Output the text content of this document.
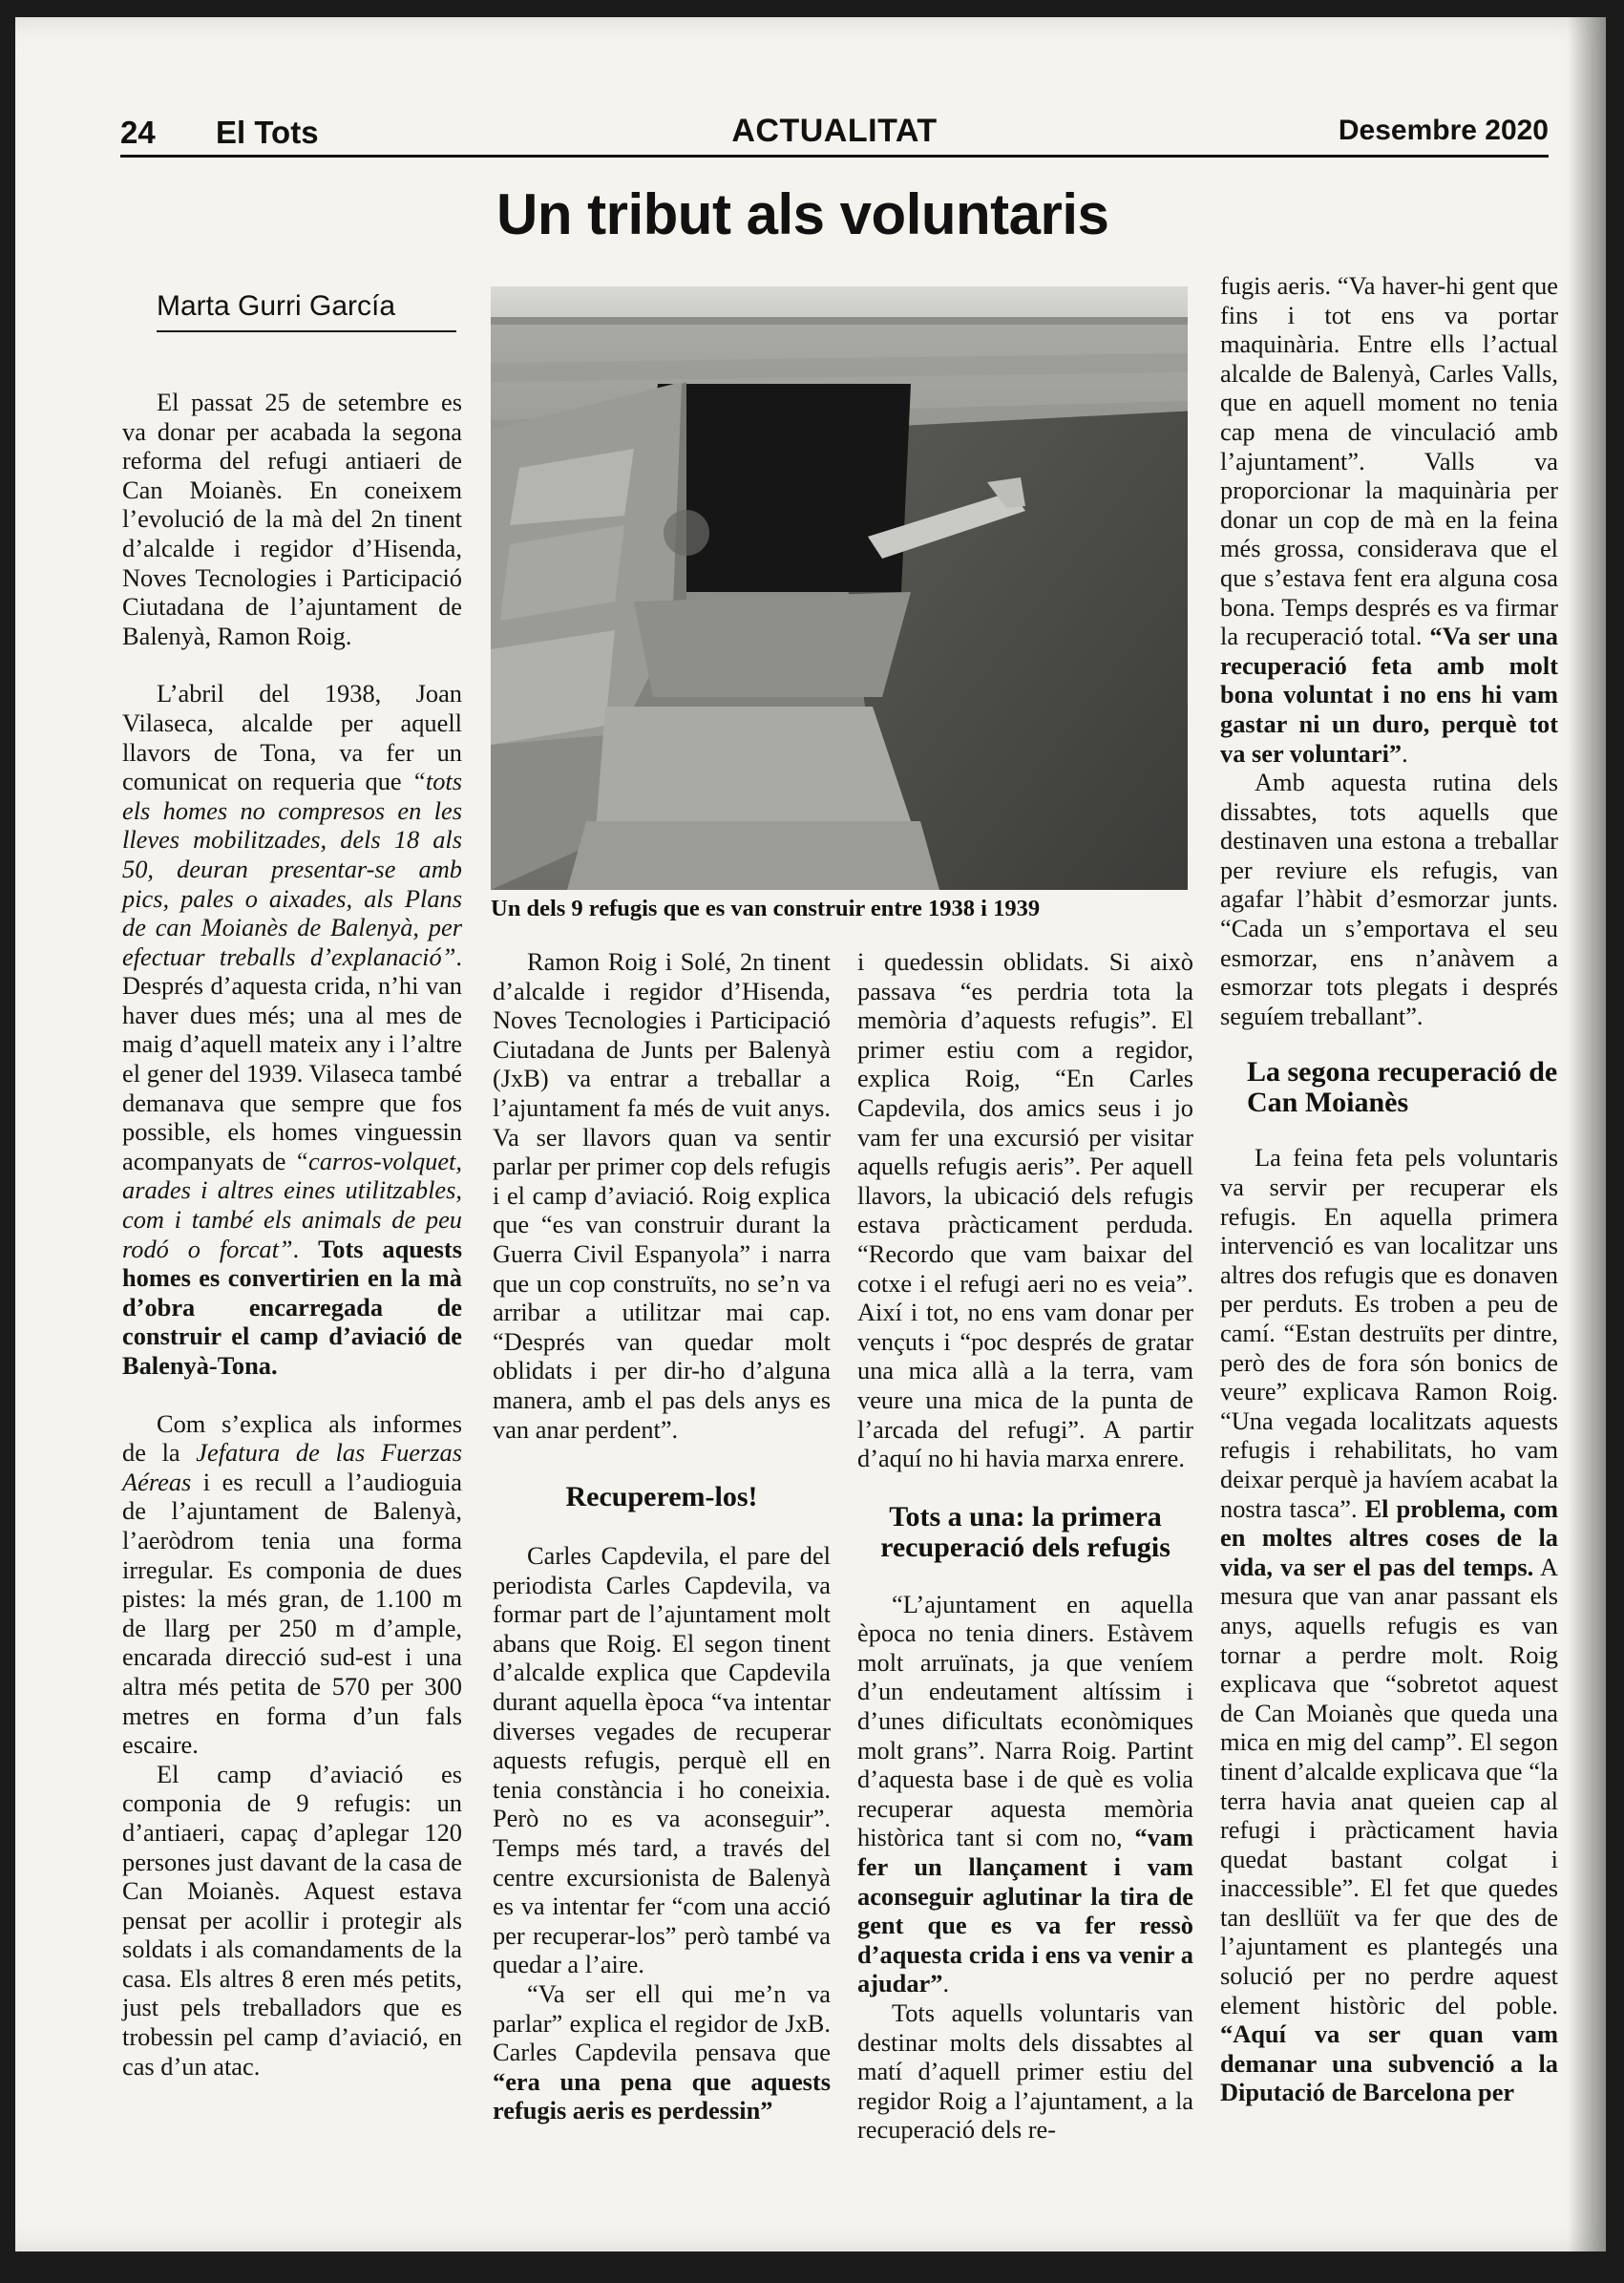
24 El Tots	ACTUALITAT	Desembre 2020
Un tribut als voluntaris
Marta Gurri García
Un dels 9 refugis que es van construir entre 1938 i 1939

El passat 25 de setembre es va donar per acabada la segona reforma del refugi antiaeri de Can Moianès. En coneixem l’evolució de la mà del 2n tinent d’alcalde i regidor d’Hisenda, Noves Tecnologies i Participació Ciutadana de l’ajuntament de Balenyà, Ramon Roig.

L’abril del 1938, Joan Vilaseca, alcalde per aquell llavors de Tona, va fer un comunicat on requeria que “tots els homes no compresos en les lleves mobilitzades, dels 18 als 50, deuran presentar-se amb pics, pales o aixades, als Plans de can Moianès de Balenyà, per efectuar treballs d’explanació”. Després d’aquesta crida, n’hi van haver dues més; una al mes de maig d’aquell mateix any i l’altre el gener del 1939. Vilaseca també demanava que sempre que fos possible, els homes vinguessin acompanyats de “carros-volquet, arades i altres eines utilitzables, com i també els animals de peu rodó o forcat”. Tots aquests homes es convertirien en la mà d’obra encarregada de construir el camp d’aviació de Balenyà-Tona.

Com s’explica als informes de la Jefatura de las Fuerzas Aéreas i es recull a l’audioguia de l’ajuntament de Balenyà, l’aeròdrom tenia una forma irregular. Es componia de dues pistes: la més gran, de 1.100 m de llarg per 250 m d’ample, encarada direcció sud-est i una altra més petita de 570 per 300 metres en forma d’un fals escaire.

El camp d’aviació es componia de 9 refugis: un d’antiaeri, capaç d’aplegar 120 persones just davant de la casa de Can Moianès. Aquest estava pensat per acollir i protegir als soldats i als comandaments de la casa. Els altres 8 eren més petits, just pels treballadors que es trobessin pel camp d’aviació, en cas d’un atac.

Ramon Roig i Solé, 2n tinent d’alcalde i regidor d’Hisenda, Noves Tecnologies i Participació Ciutadana de Junts per Balenyà (JxB) va entrar a treballar a l’ajuntament fa més de vuit anys. Va ser llavors quan va sentir parlar per primer cop dels refugis i el camp d’aviació. Roig explica que “es van construir durant la Guerra Civil Espanyola” i narra que un cop construïts, no se’n va arribar a utilitzar mai cap. “Després van quedar molt oblidats i per dir-ho d’alguna manera, amb el pas dels anys es van anar perdent”.

Recuperem-los!

Carles Capdevila, el pare del periodista Carles Capdevila, va formar part de l’ajuntament molt abans que Roig. El segon tinent d’alcalde explica que Capdevila durant aquella època “va intentar diverses vegades de recuperar aquests refugis, perquè ell en tenia constància i ho coneixia. Però no es va aconseguir”. Temps més tard, a través del centre excursionista de Balenyà es va intentar fer “com una acció per recuperar-los” però també va quedar a l’aire.

“Va ser ell qui me’n va parlar” explica el regidor de JxB. Carles Capdevila pensava que “era una pena que aquests refugis aeris es perdessin”

i quedessin oblidats. Si això passava “es perdria tota la memòria d’aquests refugis”. El primer estiu com a regidor, explica Roig, “En Carles Capdevila, dos amics seus i jo vam fer una excursió per visitar aquells refugis aeris”. Per aquell llavors, la ubicació dels refugis estava pràcticament perduda. “Recordo que vam baixar del cotxe i el refugi aeri no es veia”. Així i tot, no ens vam donar per vençuts i “poc després de gratar una mica allà a la terra, vam veure una mica de la punta de l’arcada del refugi”. A partir d’aquí no hi havia marxa enrere.

Tots a una: la primera recuperació dels refugis

“L’ajuntament en aquella època no tenia diners. Estàvem molt arruïnats, ja que veníem d’un endeutament altíssim i d’unes dificultats econòmiques molt grans”. Narra Roig. Partint d’aquesta base i de què es volia recuperar aquesta memòria històrica tant si com no, “vam fer un llançament i vam aconseguir aglutinar la tira de gent que es va fer ressò d’aquesta crida i ens va venir a ajudar”.

Tots aquells voluntaris van destinar molts dels dissabtes al matí d’aquell primer estiu del regidor Roig a l’ajuntament, a la recuperació dels re-

fugis aeris. “Va haver-hi gent que fins i tot ens va portar maquinària. Entre ells l’actual alcalde de Balenyà, Carles Valls, que en aquell moment no tenia cap mena de vinculació amb l’ajuntament”. Valls va proporcionar la maquinària per donar un cop de mà en la feina més grossa, considerava que el que s’estava fent era alguna cosa bona. Temps després es va firmar la recuperació total. “Va ser una recuperació feta amb molt bona voluntat i no ens hi vam gastar ni un duro, perquè tot va ser voluntari”.

Amb aquesta rutina dels dissabtes, tots aquells que destinaven una estona a treballar per reviure els refugis, van agafar l’hàbit d’esmorzar junts. “Cada un s’emportava el seu esmorzar, ens n’anàvem a esmorzar tots plegats i després seguíem treballant”.

La segona recuperació de Can Moianès

La feina feta pels voluntaris va servir per recuperar els refugis. En aquella primera intervenció es van localitzar uns altres dos refugis que es donaven per perduts. Es troben a peu de camí. “Estan destruïts per dintre, però des de fora són bonics de veure” explicava Ramon Roig. “Una vegada localitzats aquests refugis i rehabilitats, ho vam deixar perquè ja havíem acabat la nostra tasca”. El problema, com en moltes altres coses de la vida, va ser el pas del temps. A mesura que van anar passant els anys, aquells refugis es van tornar a perdre molt. Roig explicava que “sobretot aquest de Can Moianès que queda una mica en mig del camp”. El segon tinent d’alcalde explicava que “la terra havia anat queien cap al refugi i pràcticament havia quedat bastant colgat i inaccessible”. El fet que quedes tan desllüït va fer que des de l’ajuntament es plantegés una solució per no perdre aquest element històric del poble. “Aquí va ser quan vam demanar una subvenció a la Diputació de Barcelona per
